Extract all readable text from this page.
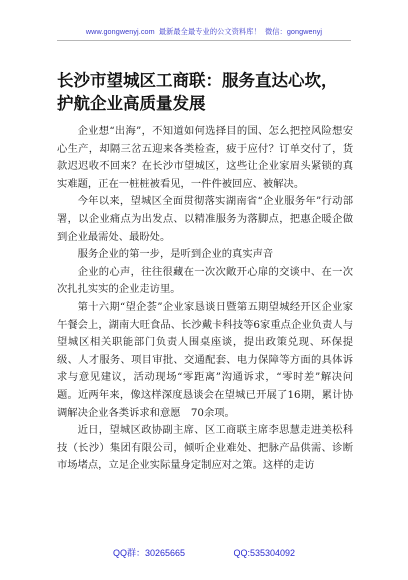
www.gongwenyj.com 最新最全最专业的公文资料库！ 微信：gongwenyj
长沙市望城区工商联：服务直达心坎，护航企业高质量发展

企业想“出海”，不知道如何选择目的国、怎么把控风险想安心生产，却隔三岔五迎来各类检查，疲于应付？订单交付了，货款迟迟收不回来？在长沙市望城区，这些让企业家眉头紧锁的真实难题，正在一桩桩被看见，一件件被回应、被解决。

今年以来，望城区全面贯彻落实湖南省“企业服务年”行动部署，以企业痛点为出发点、以精准服务为落脚点，把惠企暖企做到企业最需处、最盼处。

服务企业的第一步，是听到企业的真实声音

企业的心声，往往很藏在一次次敞开心扉的交谈中、在一次次扎扎实实的企业走访里。

第十六期“望企荟”企业家恳谈日暨第五期望城经开区企业家午餐会上，湖南大旺食品、长沙戴卡科技等6家重点企业负责人与望城区相关职能部门负责人围桌座谈，提出政策兑现、环保提级、人才服务、项目审批、交通配套、电力保障等方面的具体诉求与意见建议，活动现场“零距离”沟通诉求，“零时差”解决问题。近两年来，像这样深度恳谈会在望城已开展了16期，累计协调解决企业各类诉求和意愿　70余项。

近日，望城区政协副主席、区工商联主席李思慧走进美松科技（长沙）集团有限公司，倾听企业难处、把脉产品供需、诊断市场堵点，立足企业实际量身定制应对之策。这样的走访

QQ群：30265665	QQ:535304092
